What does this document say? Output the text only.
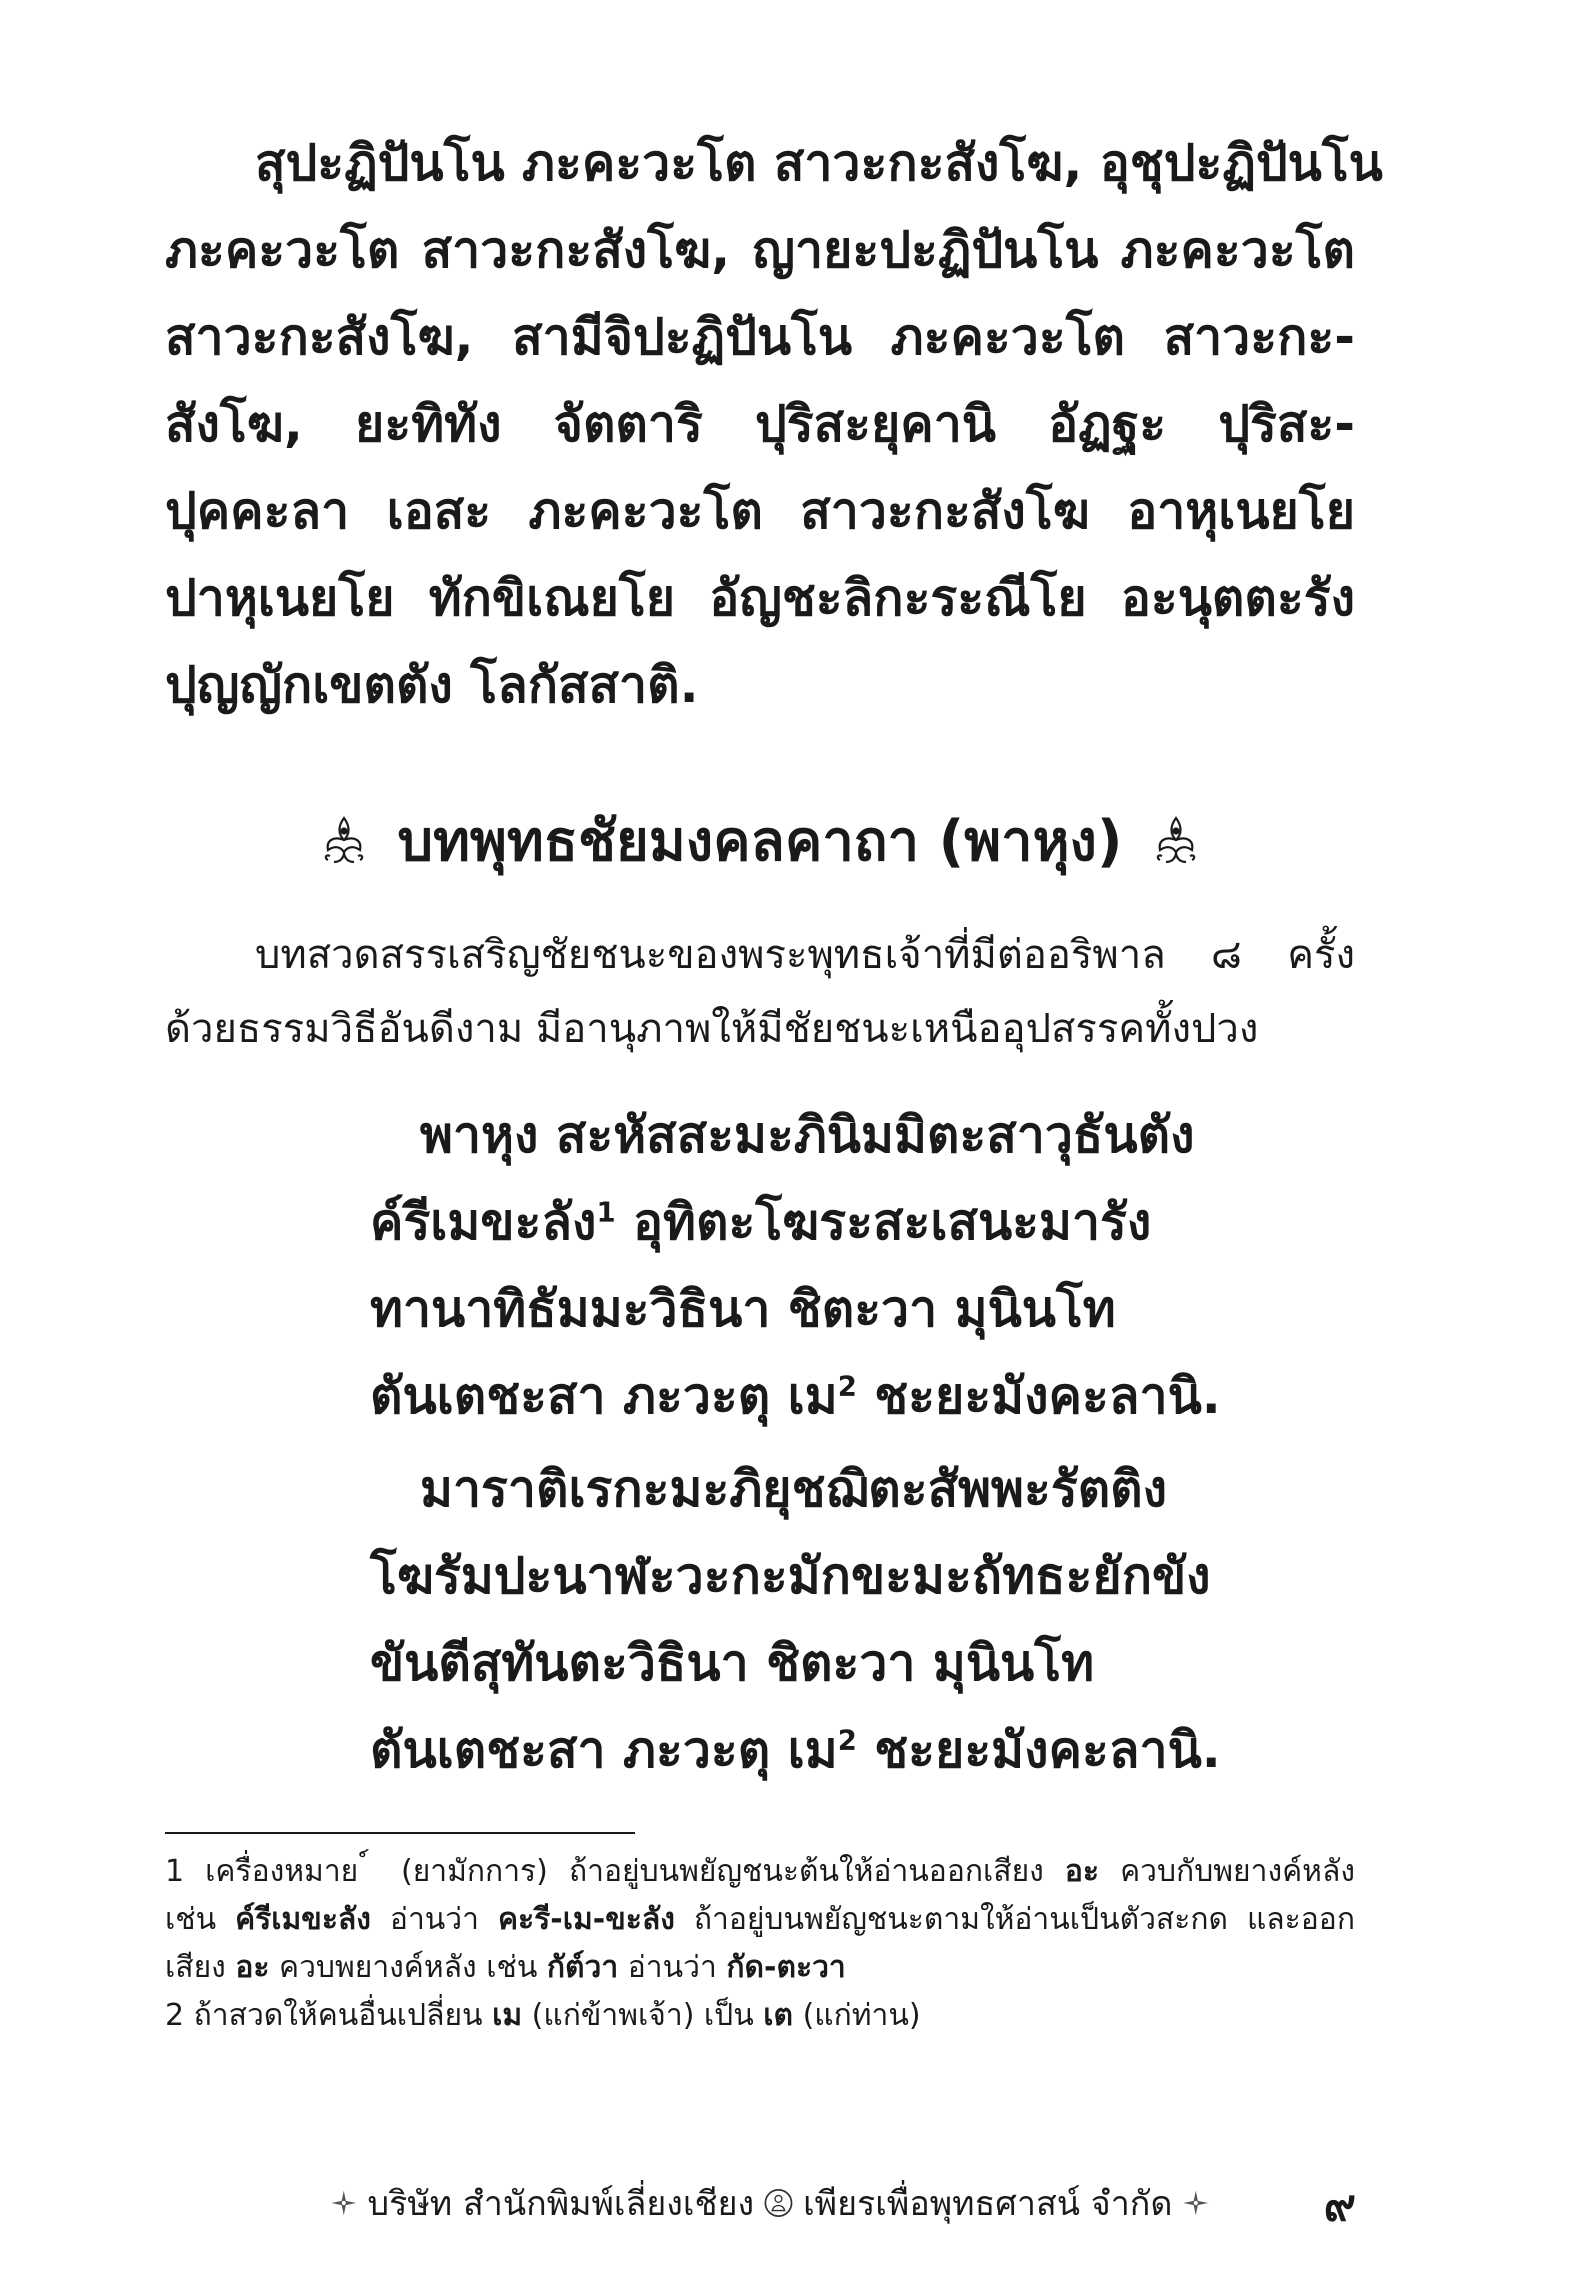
สุปะฏิปันโน ภะคะวะโต สาวะกะสังโฆ, อุชุปะฏิปันโน
ภะคะวะโต สาวะกะสังโฆ, ญายะปะฏิปันโน ภะคะวะโต
สาวะกะสังโฆ, สามีจิปะฏิปันโน ภะคะวะโต สาวะกะ-
สังโฆ, ยะทิทัง จัตตาริ ปุริสะยุคานิ อัฏฐะ ปุริสะ-
ปุคคะลา เอสะ ภะคะวะโต สาวะกะสังโฆ อาหุเนยโย
ปาหุเนยโย ทักขิเณยโย อัญชะลิกะระณีโย อะนุตตะรัง
ปุญญักเขตตัง โลกัสสาติ.
บทพุทธชัยมงคลคาถา (พาหุง)
บทสวดสรรเสริญชัยชนะของพระพุทธเจ้าที่มีต่ออริพาล ๘ ครั้ง
ด้วยธรรมวิธีอันดีงาม มีอานุภาพให้มีชัยชนะเหนืออุปสรรคทั้งปวง
พาหุง สะหัสสะมะภินิมมิตะสาวุธันตัง
ค์รีเมขะลัง$^1$ อุทิตะโฆระสะเสนะมารัง
ทานาทิธัมมะวิธินา ชิตะวา มุนินโท
ตันเตชะสา ภะวะตุ เม$^2$ ชะยะมังคะลานิ.
มาราติเรกะมะภิยุชฌิตะสัพพะรัตติง
โฆรัมปะนาฬะวะกะมักขะมะถัทธะยักขัง
ขันตีสุทันตะวิธินา ชิตะวา มุนินโท
ตันเตชะสา ภะวะตุ เม$^2$ ชะยะมังคะลานิ.
1 เครื่องหมาย ์ (ยามักการ) ถ้าอยู่บนพยัญชนะต้นให้อ่านออกเสียง อะ ควบกับพยางค์หลัง
เช่น ค์รีเมขะลัง อ่านว่า คะรี-เม-ขะลัง ถ้าอยู่บนพยัญชนะตามให้อ่านเป็นตัวสะกด และออก
เสียง อะ ควบพยางค์หลัง เช่น กัต์วา อ่านว่า กัด-ตะวา
2 ถ้าสวดให้คนอื่นเปลี่ยน เม (แก่ข้าพเจ้า) เป็น เต (แก่ท่าน)
บริษัท สำนักพิมพ์เลี่ยงเชียง เพียรเพื่อพุทธศาสน์ จำกัด	๙
